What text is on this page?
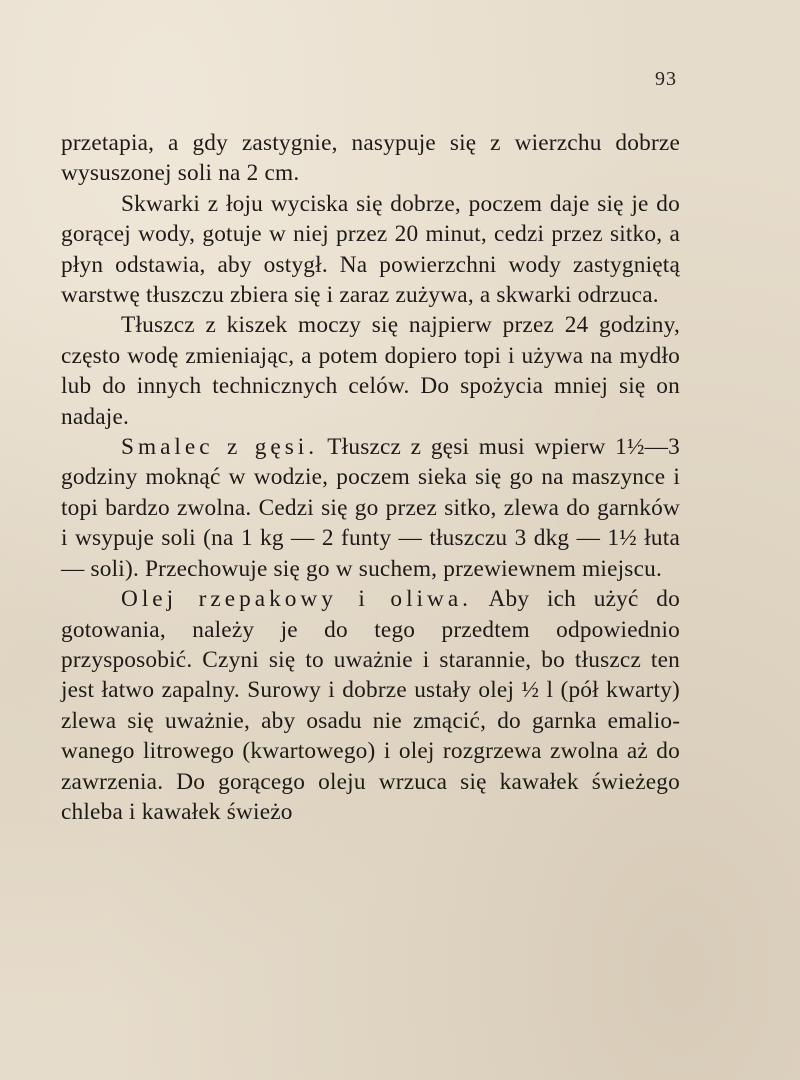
93

przetapia, a gdy zastygnie, nasypuje się z wierzchu dobrze wysuszonej soli na 2 cm.

Skwarki z łoju wyciska się dobrze, poczem daje się je do gorącej wody, gotuje w niej przez 20 minut, cedzi przez sitko, a płyn odstawia, aby ostygł. Na powierzchni wody zastygniętą warstwę tłuszczu zbiera się i zaraz zużywa, a skwarki odrzuca.

Tłuszcz z kiszek moczy się najpierw przez 24 godziny, często wodę zmieniając, a potem dopiero topi i używa na mydło lub do innych technicznych celów. Do spożycia mniej się on nadaje.

Smalec z gęsi. Tłuszcz z gęsi musi wpierw 1½—3 godziny moknąć w wodzie, poczem sieka się go na maszynce i topi bardzo zwolna. Cedzi się go przez sitko, zlewa do garnków i wsypuje soli (na 1 kg — 2 funty — tłuszczu 3 dkg — 1½ łuta — soli). Przechowuje się go w suchem, przewiewnem miejscu.

Olej rzepakowy i oliwa. Aby ich użyć do gotowania, należy je do tego przedtem odpowiednio przysposobić. Czyni się to uważnie i starannie, bo tłuszcz ten jest łatwo zapalny. Surowy i dobrze ustały olej ½ l (pół kwarty) zlewa się uważnie, aby osadu nie zmącić, do garnka emaliowanego litrowego (kwartowego) i olej rozgrzewa zwolna aż do zawrzenia. Do gorącego oleju wrzuca się kawałek świeżego chleba i kawałek świeżo
